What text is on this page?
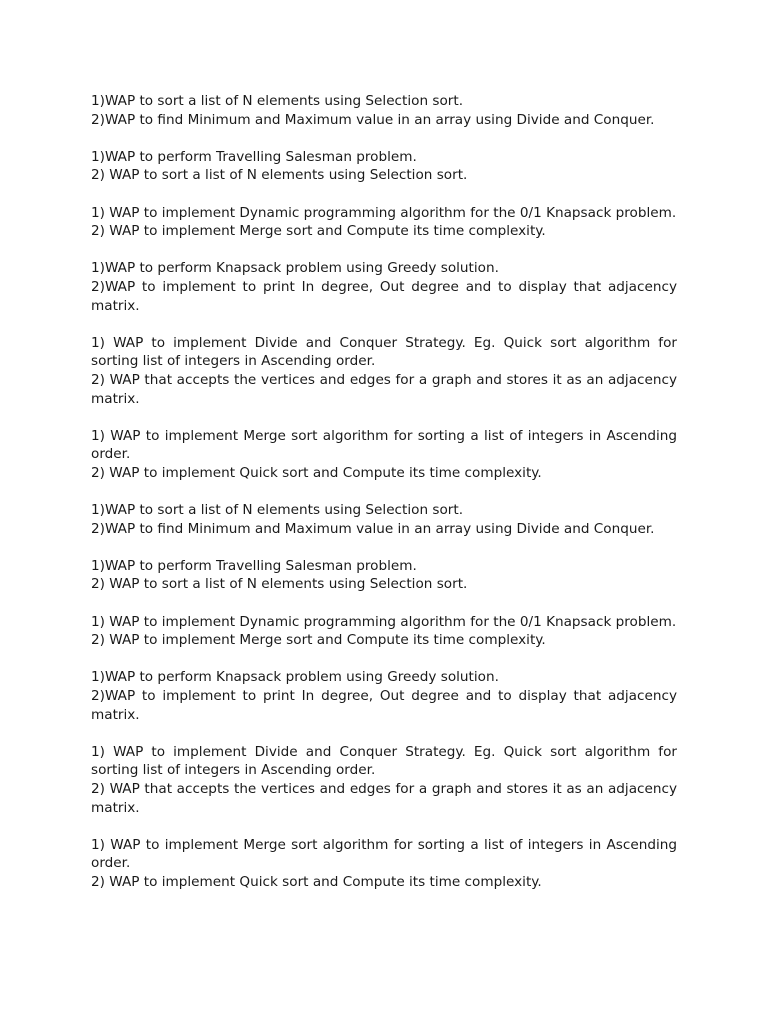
1)WAP to sort a list of N elements using Selection sort.

2)WAP to find Minimum and Maximum value in an array using Divide and Conquer.

1)WAP to perform Travelling Salesman problem.

2) WAP to sort a list of N elements using Selection sort.

1) WAP to implement Dynamic programming algorithm for the 0/1 Knapsack problem.

2) WAP to implement Merge sort and Compute its time complexity.

1)WAP to perform Knapsack problem using Greedy solution.

2)WAP to implement to print In degree, Out degree and to display that adjacency matrix.

1) WAP to implement Divide and Conquer Strategy. Eg. Quick sort algorithm for sorting list of integers in Ascending order.

2) WAP that accepts the vertices and edges for a graph and stores it as an adjacency matrix.

1) WAP to implement Merge sort algorithm for sorting a list of integers in Ascending order.

2) WAP to implement Quick sort and Compute its time complexity.

1)WAP to sort a list of N elements using Selection sort.

2)WAP to find Minimum and Maximum value in an array using Divide and Conquer.

1)WAP to perform Travelling Salesman problem.

2) WAP to sort a list of N elements using Selection sort.

1) WAP to implement Dynamic programming algorithm for the 0/1 Knapsack problem.

2) WAP to implement Merge sort and Compute its time complexity.

1)WAP to perform Knapsack problem using Greedy solution.

2)WAP to implement to print In degree, Out degree and to display that adjacency matrix.

1) WAP to implement Divide and Conquer Strategy. Eg. Quick sort algorithm for sorting list of integers in Ascending order.

2) WAP that accepts the vertices and edges for a graph and stores it as an adjacency matrix.

1) WAP to implement Merge sort algorithm for sorting a list of integers in Ascending order.

2) WAP to implement Quick sort and Compute its time complexity.
